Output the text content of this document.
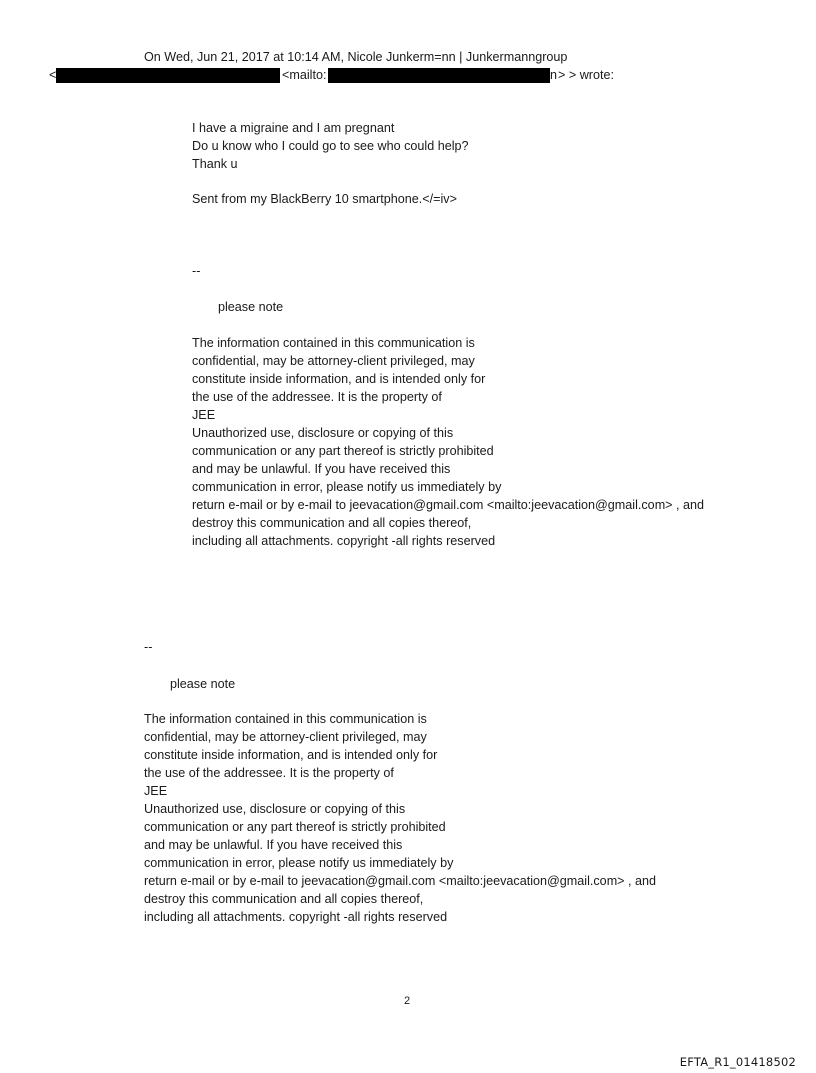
On Wed, Jun 21, 2017 at 10:14 AM, Nicole Junkerm=nn | Junkermanngroup
<	<mailto:	n > > wrote:
I have a migraine and I am pregnant
Do u know who I could go to see who could help?
Thank u
Sent from my BlackBerry 10 smartphone.</=iv>
--
please note
The information contained in this communication is
confidential, may be attorney-client privileged, may
constitute inside information, and is intended only for
the use of the addressee. It is the property of
JEE
Unauthorized use, disclosure or copying of this
communication or any part thereof is strictly prohibited
and may be unlawful. If you have received this
communication in error, please notify us immediately by
return e-mail or by e-mail to jeevacation@gmail.com <mailto:jeevacation@gmail.com> , and
destroy this communication and all copies thereof,
including all attachments. copyright -all rights reserved
--
please note
The information contained in this communication is
confidential, may be attorney-client privileged, may
constitute inside information, and is intended only for
the use of the addressee. It is the property of
JEE
Unauthorized use, disclosure or copying of this
communication or any part thereof is strictly prohibited
and may be unlawful. If you have received this
communication in error, please notify us immediately by
return e-mail or by e-mail to jeevacation@gmail.com <mailto:jeevacation@gmail.com> , and
destroy this communication and all copies thereof,
including all attachments. copyright -all rights reserved
2
EFTA_R1_01418502
